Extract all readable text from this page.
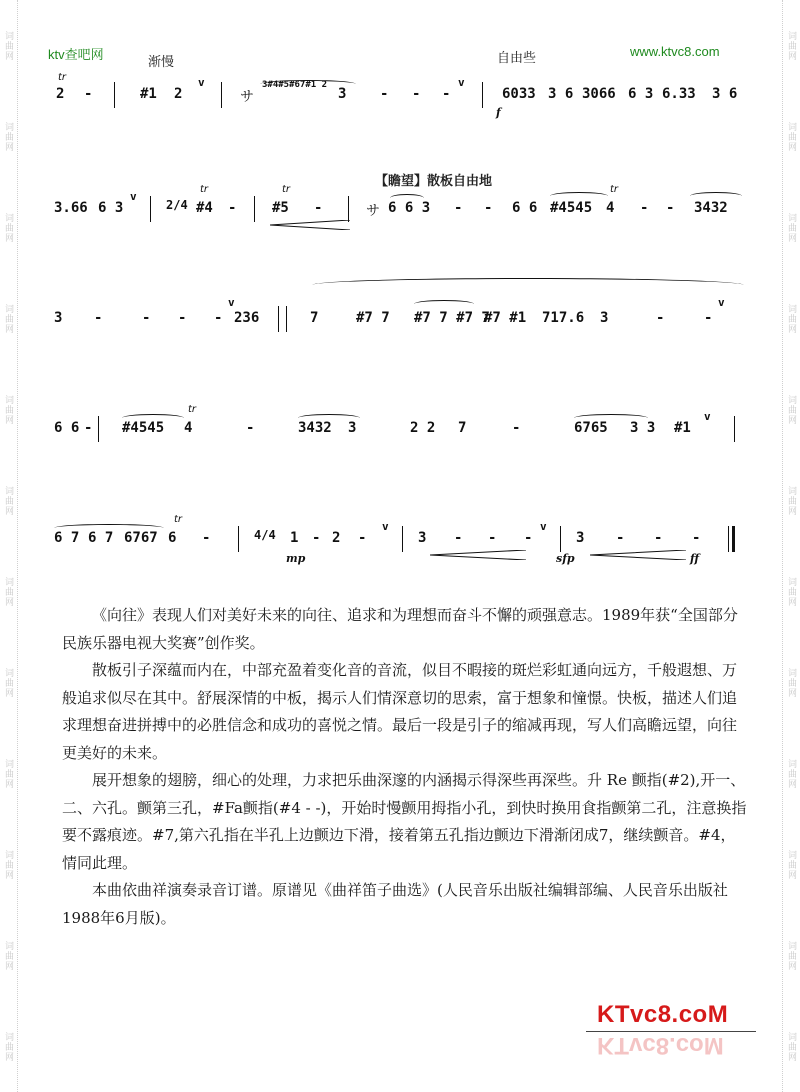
词曲网
词曲网
词曲网
词曲网
词曲网
词曲网
词曲网
词曲网
词曲网
词曲网
词曲网
词曲网
词曲网
词曲网
词曲网
词曲网
词曲网
词曲网
词曲网
词曲网
词曲网
词曲网
词曲网
词曲网
ktv查吧网	www.ktvc8.com
渐慢	自由些
【瞻望】散板自由地
tr
2 -	#1 2
v
サ
3#4#5#67#1 2
3 - - -
v
6033 3 6 3066 6 3 6.33 3 6
f
3.66 6 3
v
2/4
tr
#4 -
tr
#5 -	サ 6 6 3 - - 6 6 #4545
tr
4 - - 3432
3 -	- - -
v
236	7	#7 7 #7 7 #7 7
#7 #1 717.6 3	-	-
v
6 6 - #4545
tr
4	-	3432 3	2 2 7	-	6765 3 3 #1
v
6 7 6 7 6767
tr
6 -	4/4 1 - 2 -
v
3 - - -
v
3 - - -
mp	sfp	ff

《向往》表现人们对美好未来的向往、追求和为理想而奋斗不懈的顽强意志。1989年获“全国部分民族乐器电视大奖赛”创作奖。

散板引子深蕴而内在，中部充盈着变化音的音流，似目不暇接的斑烂彩虹通向远方，千般遐想、万般追求似尽在其中。舒展深情的中板，揭示人们情深意切的思索，富于想象和憧憬。快板，描述人们追求理想奋进拼搏中的必胜信念和成功的喜悦之情。最后一段是引子的缩减再现，写人们高瞻远望，向往更美好的未来。

展开想象的翅膀，细心的处理，力求把乐曲深邃的内涵揭示得深些再深些。升 Re 颤指(#2),开一、二、六孔。颤第三孔，#Fa颤指(#4 - -)，开始时慢颤用拇指小孔，到快时换用食指颤第二孔，注意换指要不露痕迹。#7,第六孔指在半孔上边颤边下滑，接着第五孔指边颤边下滑渐闭成7，继续颤音。#4，情同此理。

本曲依曲祥演奏录音订谱。原谱见《曲祥笛子曲选》(人民音乐出版社编辑部编、人民音乐出版社1988年6月版)。

KTvc8.coM
KTvc8.coM
